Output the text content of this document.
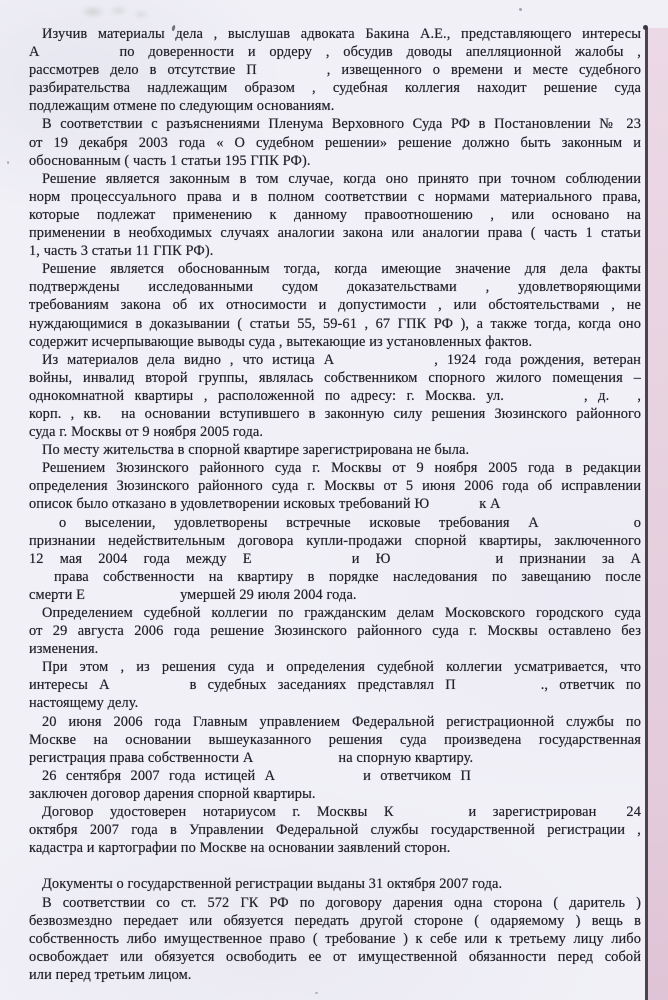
Изучив материалы дела , выслушав адвоката Бакина А.Е., представляющего интересы
А	по доверенности и ордеру , обсудив доводы апелляционной жалобы ,
рассмотрев дело в отсутствие П	, извещенного о времени и месте судебного
разбирательства надлежащим образом , судебная коллегия находит решение суда
подлежащим отмене по следующим основаниям.
В соответствии с разъяснениями Пленума Верховного Суда РФ в Постановлении № 23
от 19 декабря 2003 года « О судебном решении» решение должно быть законным и
обоснованным ( часть 1 статьи 195 ГПК РФ).
Решение является законным в том случае, когда оно принято при точном соблюдении
норм процессуального права и в полном соответствии с нормами материального права,
которые подлежат применению к данному правоотношению , или основано на
применении в необходимых случаях аналогии закона или аналогии права ( часть 1 статьи
1, часть 3 статьи 11 ГПК РФ).
Решение является обоснованным тогда, когда имеющие значение для дела факты
подтверждены исследованными судом доказательствами , удовлетворяющими
требованиям закона об их относимости и допустимости , или обстоятельствами , не
нуждающимися в доказывании ( статьи 55, 59-61 , 67 ГПК РФ ), а также тогда, когда оно
содержит исчерпывающие выводы суда , вытекающие из установленных фактов.
Из материалов дела видно , что истица А	, 1924 года рождения, ветеран
войны, инвалид второй группы, являлась собственником спорного жилого помещения –
однокомнатной квартиры , расположенной по адресу: г. Москва. ул.	, д. ,
корп. , кв. на основании вступившего в законную силу решения Зюзинского районного
суда г. Москвы от 9 ноября 2005 года.
По месту жительства в спорной квартире зарегистрирована не была.
Решением Зюзинского районного суда г. Москвы от 9 ноября 2005 года в редакции
определения Зюзинского районного суда г. Москвы от 5 июня 2006 года об исправлении
описок было отказано в удовлетворении исковых требований Ю	к А
о выселении, удовлетворены встречные исковые требования А	о
признании недействительным договора купли-продажи спорной квартиры, заключенного
12 мая 2004 года между Е	и Ю	и признании за А
права собственности на квартиру в порядке наследования по завещанию после
смерти Е	умершей 29 июля 2004 года.
Определением судебной коллегии по гражданским делам Московского городского суда
от 29 августа 2006 года решение Зюзинского районного суда г. Москвы оставлено без
изменения.
При этом , из решения суда и определения судебной коллегии усматривается, что
интересы А	в судебных заседаниях представлял П	., ответчик по
настоящему делу.
20 июня 2006 года Главным управлением Федеральной регистрационной службы по
Москве на основании вышеуказанного решения суда произведена государственная
регистрация права собственности А	на спорную квартиру.
26 сентября 2007 года истицей А	и ответчиком П
заключен договор дарения спорной квартиры.
Договор удостоверен нотариусом г. Москвы К	и зарегистрирован 24
октября 2007 года в Управлении Федеральной службы государственной регистрации ,
кадастра и картографии по Москве на основании заявлений сторон.
Документы о государственной регистрации выданы 31 октября 2007 года.
В соответствии со ст. 572 ГК РФ по договору дарения одна сторона ( даритель )
безвозмездно передает или обязуется передать другой стороне ( одаряемому ) вещь в
собственность либо имущественное право ( требование ) к себе или к третьему лицу либо
освобождает или обязуется освободить ее от имущественной обязанности перед собой
или перед третьим лицом.
